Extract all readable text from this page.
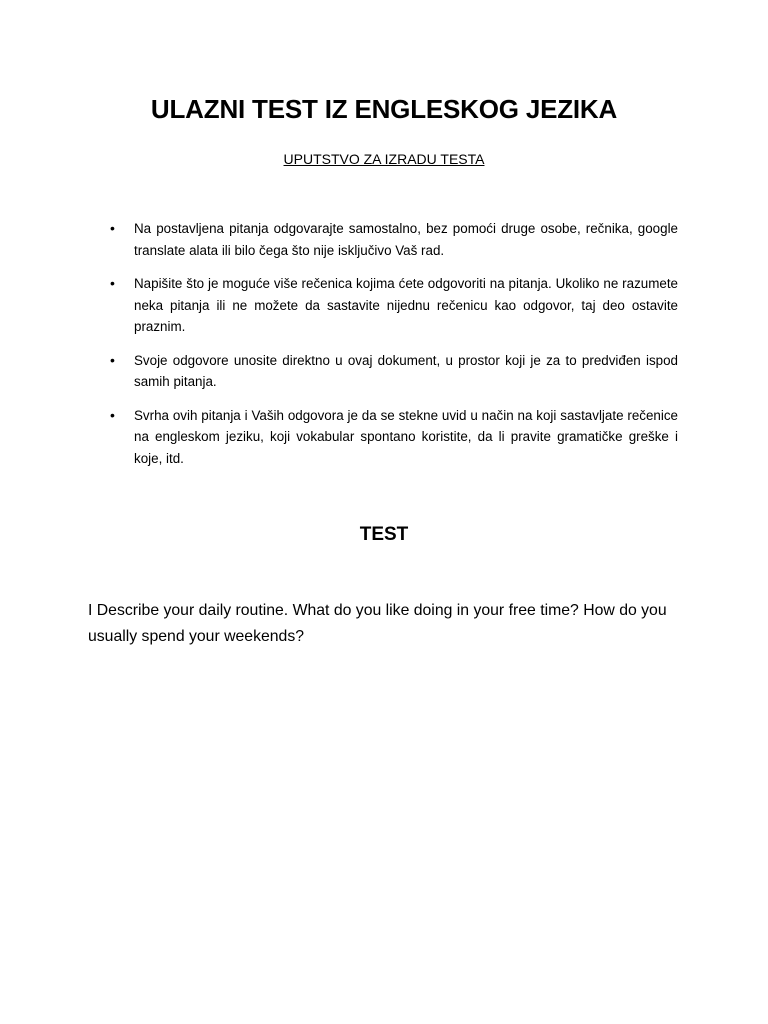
ULAZNI TEST IZ ENGLESKOG JEZIKA

UPUTSTVO ZA IZRADU TESTA

• Na postavljena pitanja odgovarajte samostalno, bez pomoći druge osobe, rečnika, google translate alata ili bilo čega što nije isključivo Vaš rad.
• Napišite što je moguće više rečenica kojima ćete odgovoriti na pitanja. Ukoliko ne razumete neka pitanja ili ne možete da sastavite nijednu rečenicu kao odgovor, taj deo ostavite praznim.
• Svoje odgovore unosite direktno u ovaj dokument, u prostor koji je za to predviđen ispod samih pitanja.
• Svrha ovih pitanja i Vaših odgovora je da se stekne uvid u način na koji sastavljate rečenice na engleskom jeziku, koji vokabular spontano koristite, da li pravite gramatičke greške i koje, itd.
TEST

I Describe your daily routine. What do you like doing in your free time? How do you usually spend your weekends?
